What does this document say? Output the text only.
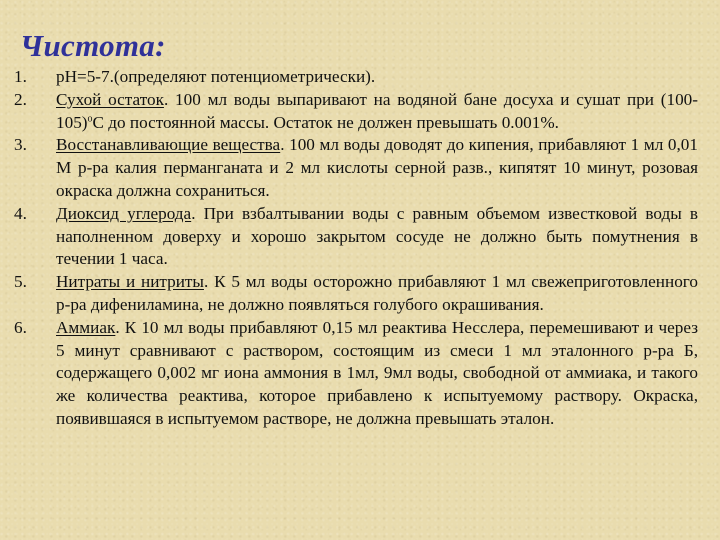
Чистота:
1. рН=5-7.(определяют потенциометрически).
2. Сухой остаток. 100 мл воды выпаривают на водяной бане досуха и сушат при $(100-105)^oС$ до постоянной массы. Остаток не должен превышать 0.001%.
3. Восстанавливающие вещества. 100 мл воды доводят до кипения, прибавляют 1 мл 0,01 М р-ра калия перманганата и 2 мл кислоты серной разв., кипятят 10 минут, розовая окраска должна сохраниться.
4. Диоксид углерода. При взбалтывании воды с равным объемом известковой воды в наполненном доверху и хорошо закрытом сосуде не должно быть помутнения в течении 1 часа.
5. Нитраты и нитриты. К 5 мл воды осторожно прибавляют 1 мл свежеприготовленного р-ра дифениламина, не должно появляться голубого окрашивания.
6. Аммиак. К 10 мл воды прибавляют 0,15 мл реактива Несслера, перемешивают и через 5 минут сравнивают с раствором, состоящим из смеси 1 мл эталонного р-ра Б, содержащего 0,002 мг иона аммония в 1мл, 9мл воды, свободной от аммиака, и такого же количества реактива, которое прибавлено к испытуемому раствору. Окраска, появившаяся в испытуемом растворе, не должна превышать эталон.
